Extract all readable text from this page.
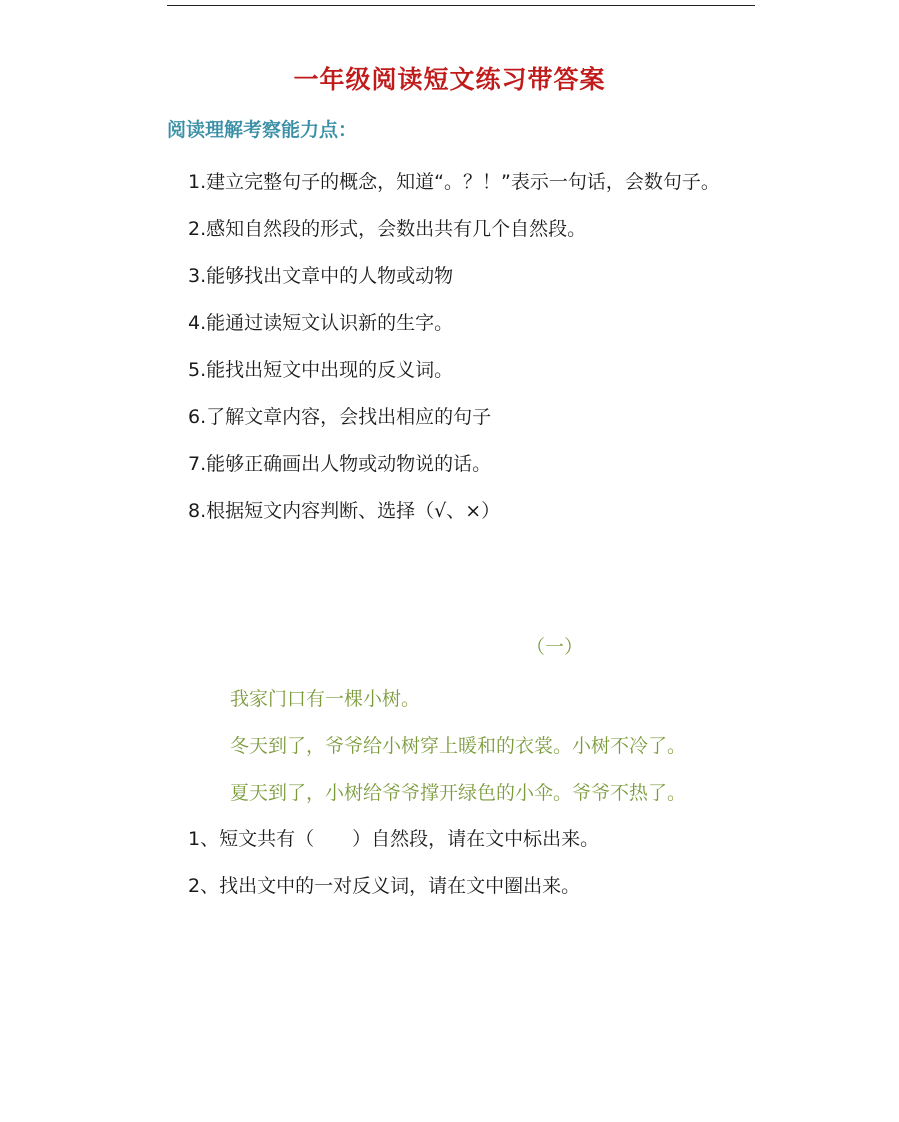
一年级阅读短文练习带答案
阅读理解考察能力点：
1.建立完整句子的概念，知道“。？！”表示一句话，会数句子。
2.感知自然段的形式，会数出共有几个自然段。
3.能够找出文章中的人物或动物
4.能通过读短文认识新的生字。
5.能找出短文中出现的反义词。
6.了解文章内容，会找出相应的句子
7.能够正确画出人物或动物说的话。
8.根据短文内容判断、选择（√、×）
（一）
我家门口有一棵小树。
冬天到了，爷爷给小树穿上暖和的衣裳。小树不冷了。
夏天到了，小树给爷爷撑开绿色的小伞。爷爷不热了。
1、短文共有（　　）自然段，请在文中标出来。
2、找出文中的一对反义词，请在文中圈出来。
